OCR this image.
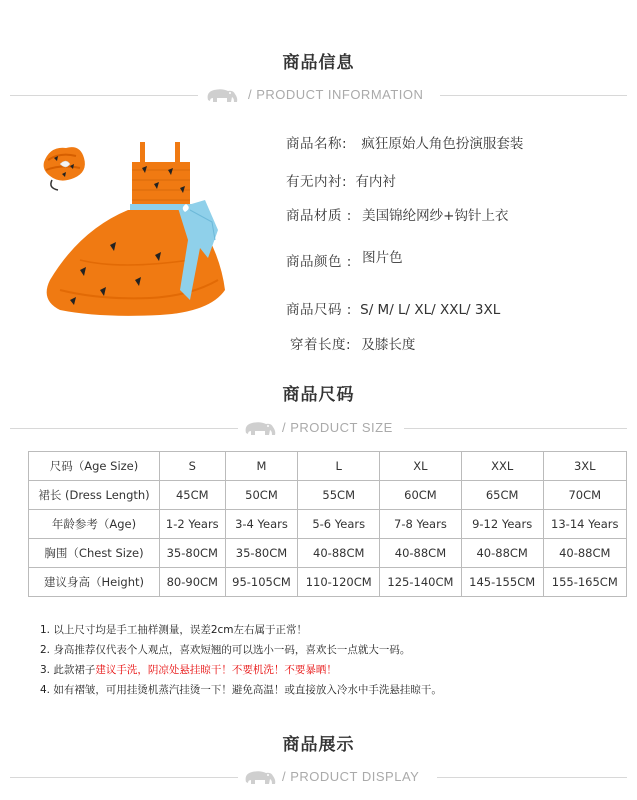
商品信息
/ PRODUCT INFORMATION
商品名称: 疯狂原始人角色扮演服套装
有无内衬: 有内衬
商品材质 : 美国锦纶网纱+钩针上衣
商品颜色 : 图片色
商品尺码 : S/ M/ L/ XL/ XXL/ 3XL
穿着长度: 及膝长度
商品尺码
/ PRODUCT SIZE
尺码（Age Size)	S	M	L	XL	XXL	3XL
裙长 (Dress Length)	45CM	50CM	55CM	60CM	65CM	70CM
年龄参考（Age)	1-2 Years	3-4 Years	5-6 Years	7-8 Years	9-12 Years	13-14 Years
胸围（Chest Size)	35-80CM	35-80CM	40-88CM	40-88CM	40-88CM	40-88CM
建议身高（Height)	80-90CM	95-105CM	110-120CM	125-140CM	145-155CM	155-165CM
1. 以上尺寸均是手工抽样测量，误差2cm左右属于正常！
2. 身高推荐仅代表个人观点，喜欢短翘的可以选小一码，喜欢长一点就大一码。
3. 此款裙子建议手洗，阴凉处悬挂晾干！不要机洗！不要暴晒！
4. 如有褶皱，可用挂烫机蒸汽挂烫一下！避免高温！或直接放入冷水中手洗悬挂晾干。
商品展示
/ PRODUCT DISPLAY
